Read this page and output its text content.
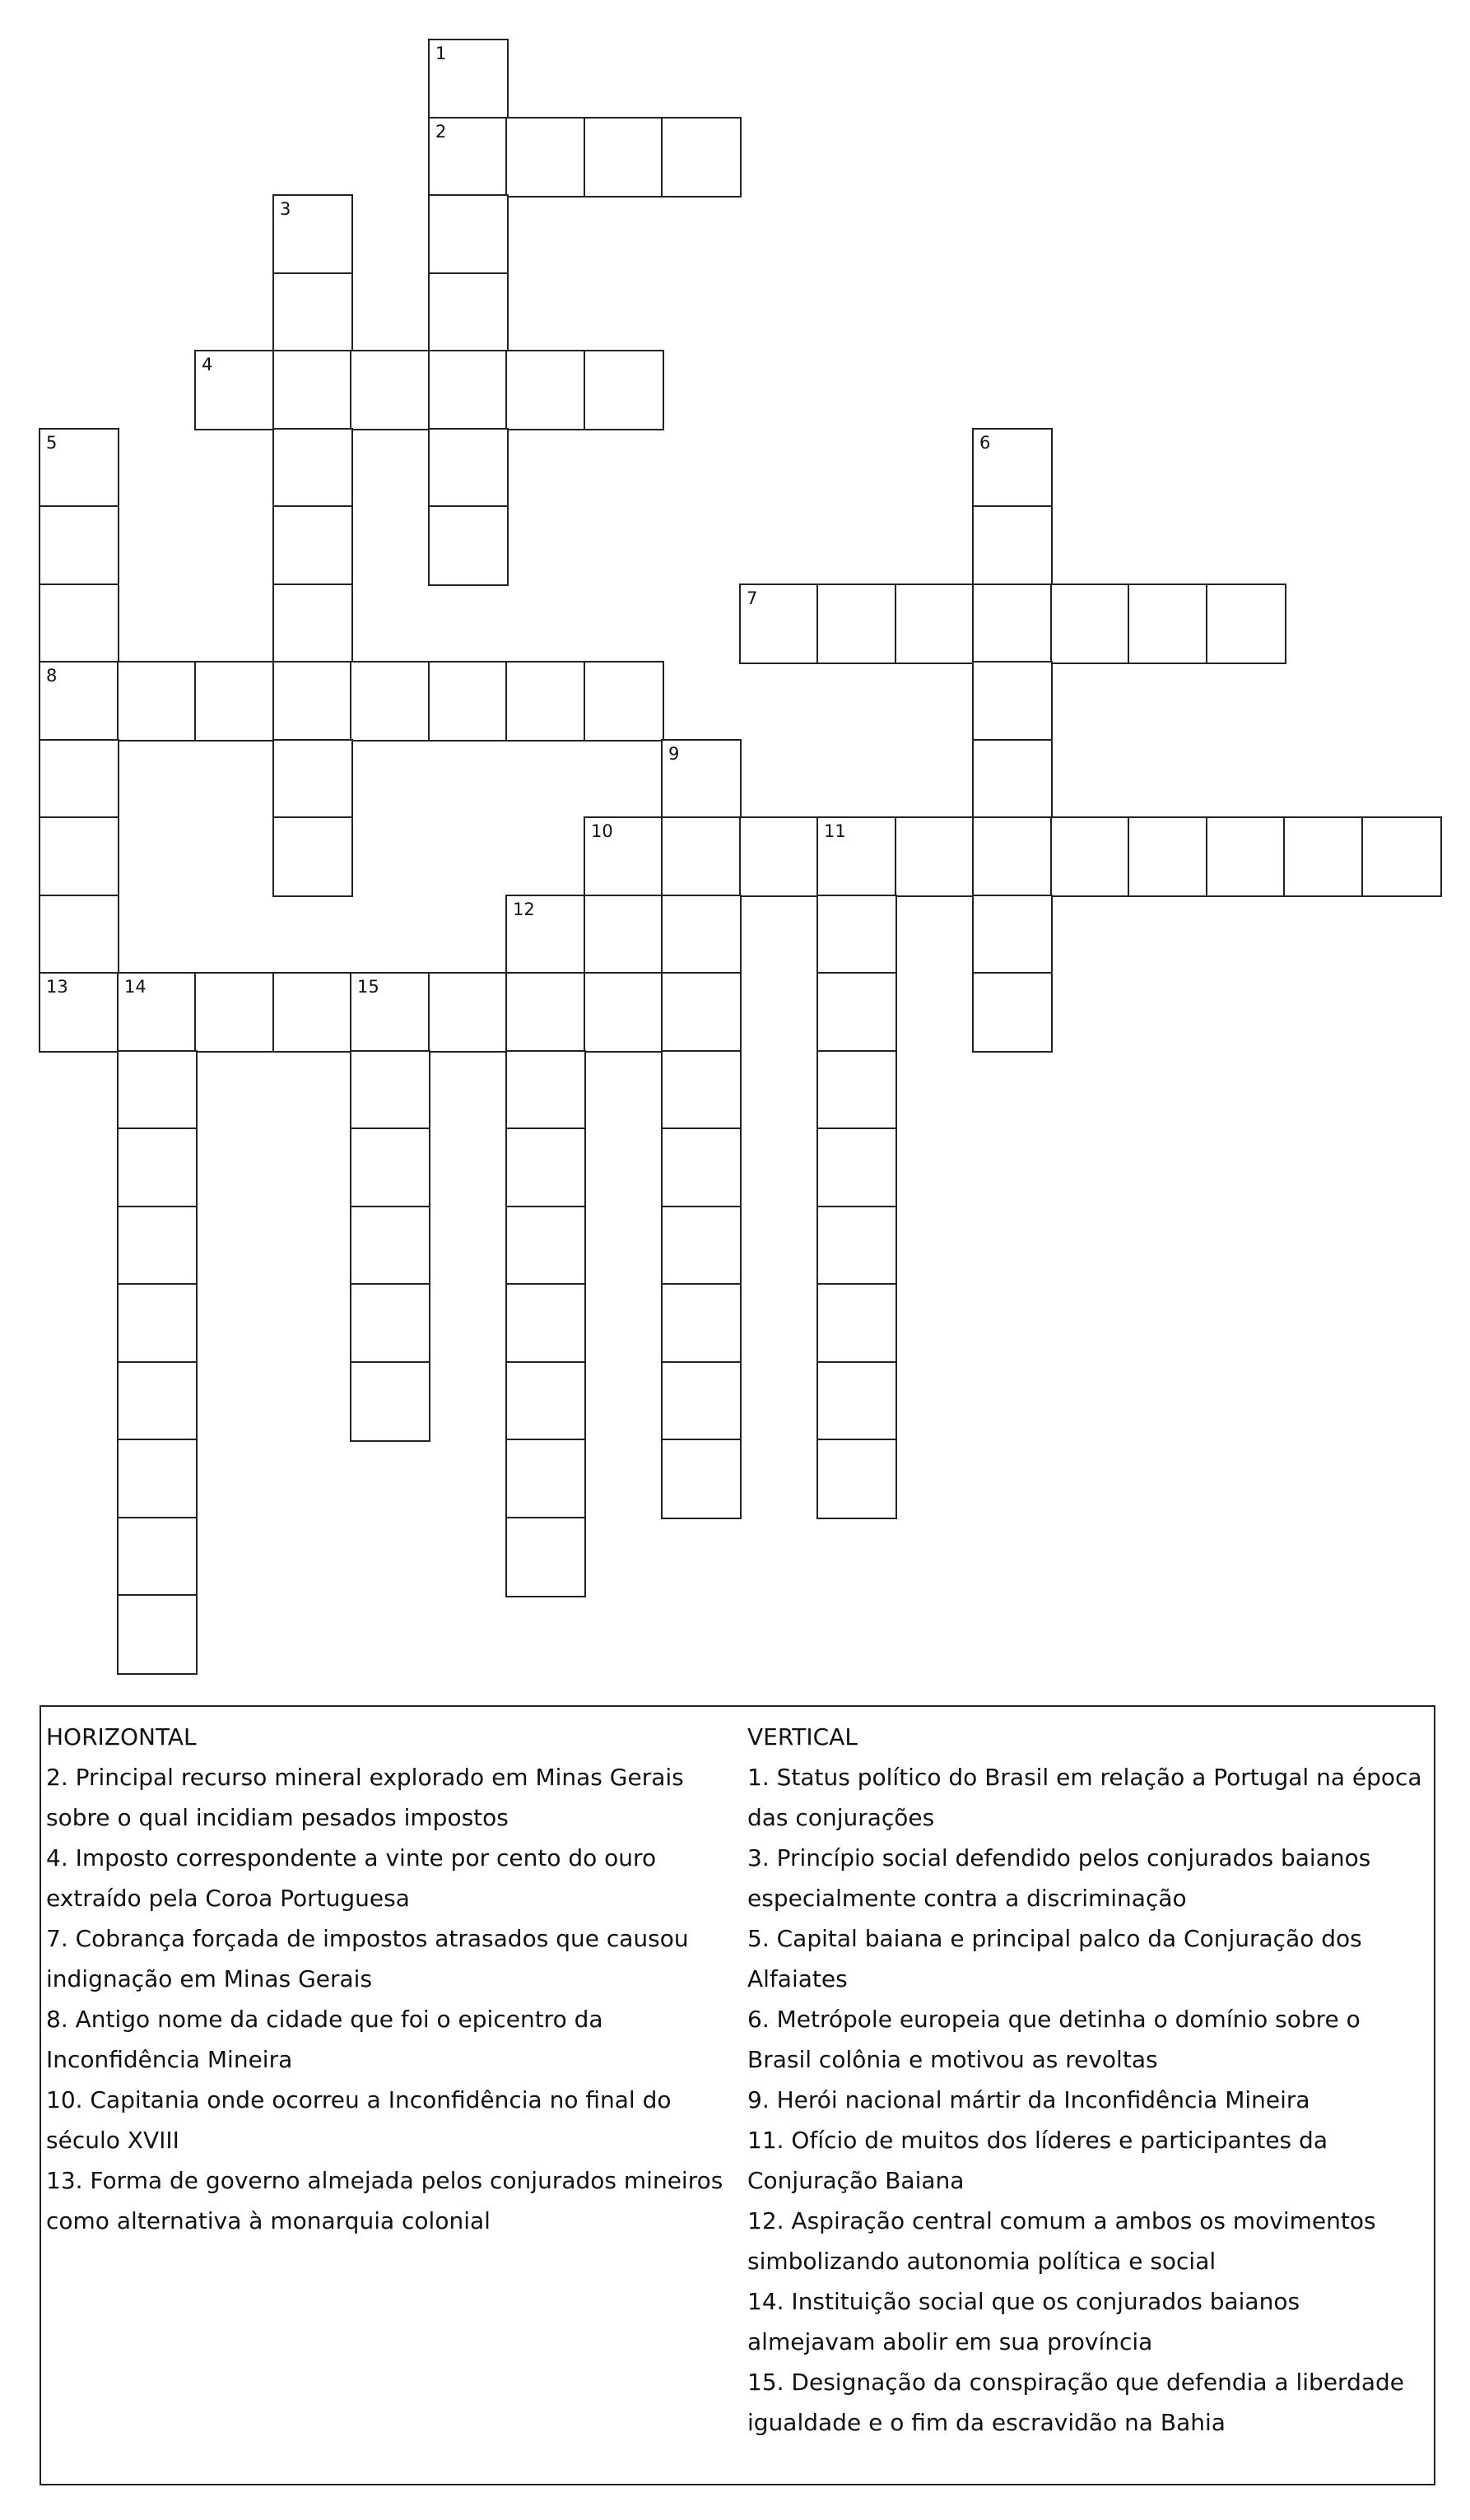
1
2
3
4
5	6
7
8
9
10	11
12
13	14	15
HORIZONTAL
2. Principal recurso mineral explorado em Minas Gerais sobre o qual incidiam pesados impostos
4. Imposto correspondente a vinte por cento do ouro extraído pela Coroa Portuguesa
7. Cobrança forçada de impostos atrasados que causou indignação em Minas Gerais
8. Antigo nome da cidade que foi o epicentro da Inconfidência Mineira
10. Capitania onde ocorreu a Inconfidência no final do século XVIII
13. Forma de governo almejada pelos conjurados mineiros como alternativa à monarquia colonial
VERTICAL
1. Status político do Brasil em relação a Portugal na época das conjurações
3. Princípio social defendido pelos conjurados baianos especialmente contra a discriminação
5. Capital baiana e principal palco da Conjuração dos Alfaiates
6. Metrópole europeia que detinha o domínio sobre o Brasil colônia e motivou as revoltas
9. Herói nacional mártir da Inconfidência Mineira
11. Ofício de muitos dos líderes e participantes da Conjuração Baiana
12. Aspiração central comum a ambos os movimentos simbolizando autonomia política e social
14. Instituição social que os conjurados baianos almejavam abolir em sua província
15. Designação da conspiração que defendia a liberdade igualdade e o fim da escravidão na Bahia
